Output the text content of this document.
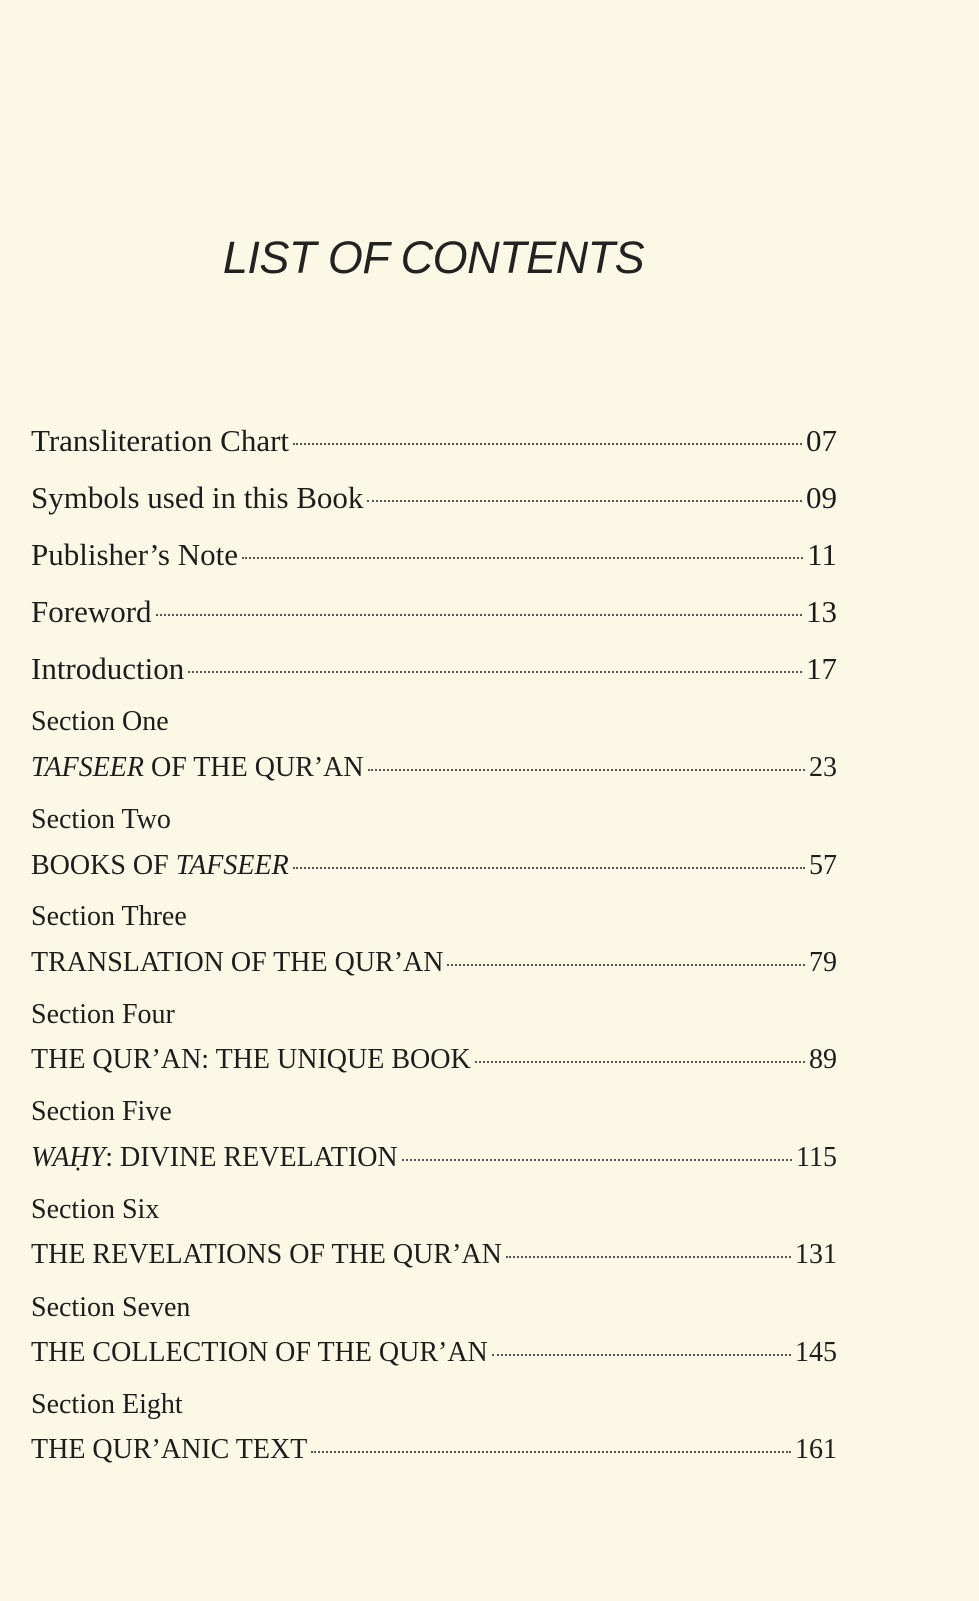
LIST OF CONTENTS
Transliteration Chart	07
Symbols used in this Book	09
Publisher’s Note	11
Foreword	13
Introduction	17
Section One
TAFSEER OF THE QUR’AN	23
Section Two
BOOKS OF TAFSEER	57
Section Three
TRANSLATION OF THE QUR’AN	79
Section Four
THE QUR’AN: THE UNIQUE BOOK	89
Section Five
WAḤY: DIVINE REVELATION	115
Section Six
THE REVELATIONS OF THE QUR’AN	131
Section Seven
THE COLLECTION OF THE QUR’AN	145
Section Eight
THE QUR’ANIC TEXT	161
